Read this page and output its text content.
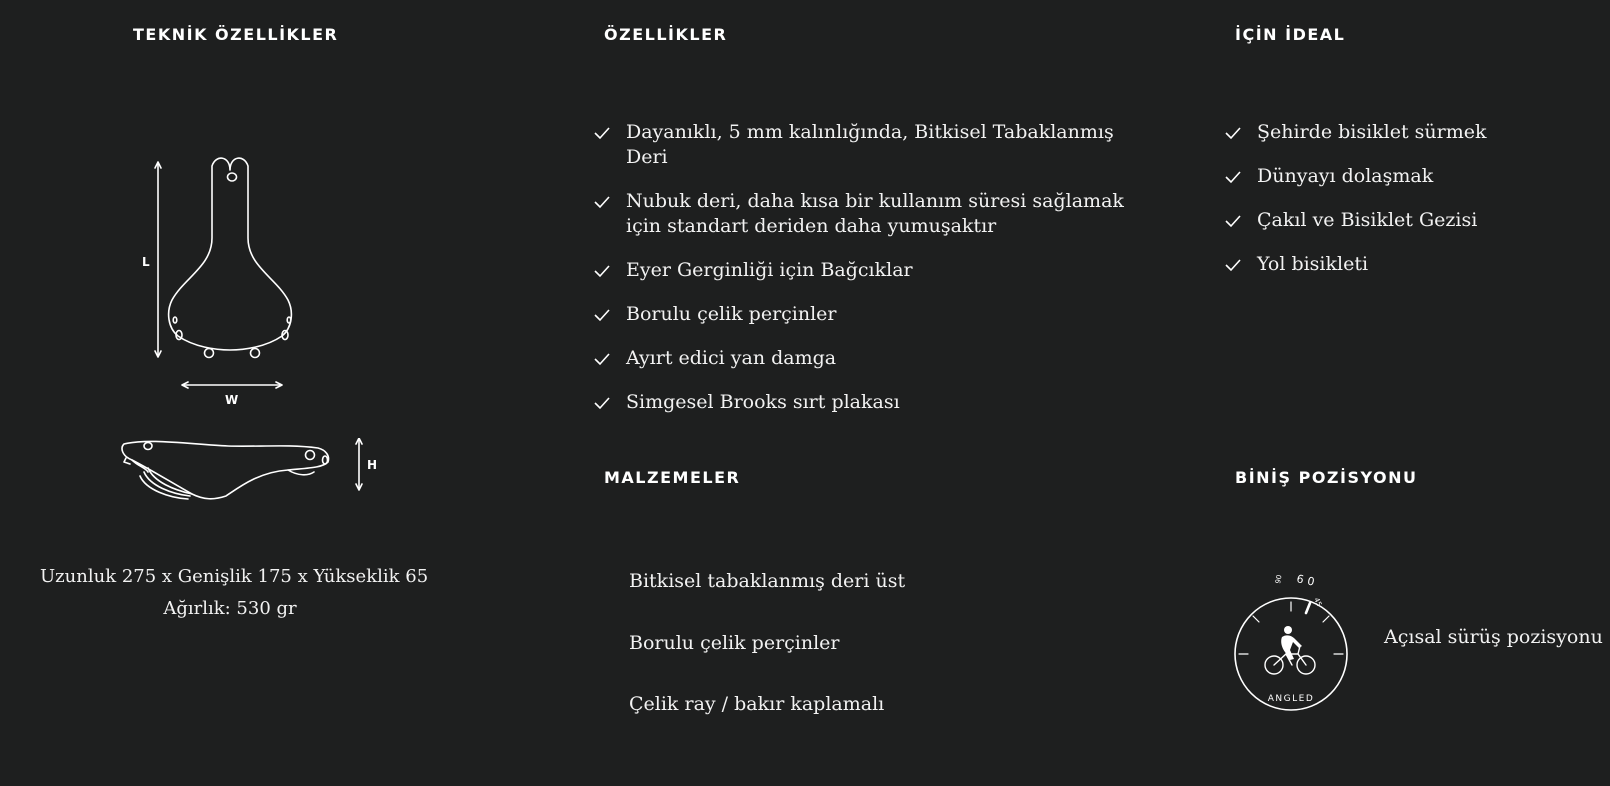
TEKNİK ÖZELLİKLER
L
W
H
Uzunluk 275 x Genişlik 175 x Yükseklik 65
Ağırlık: 530 gr
ÖZELLİKLER
Dayanıklı, 5 mm kalınlığında, Bitkisel Tabaklanmış Deri
Nubuk deri, daha kısa bir kullanım süresi sağlamak için standart deriden daha yumuşaktır
Eyer Gerginliği için Bağcıklar
Borulu çelik perçinler
Ayırt edici yan damga
Simgesel Brooks sırt plakası
MALZEMELER
Bitkisel tabaklanmış deri üst
Borulu çelik perçinler
Çelik ray / bakır kaplamalı
İÇİN İDEAL
Şehirde bisiklet sürmek
Dünyayı dolaşmak
Çakıl ve Bisiklet Gezisi
Yol bisikleti
BİNİŞ POZİSYONU
90 60
45
ANGLED
Açısal sürüş pozisyonu
